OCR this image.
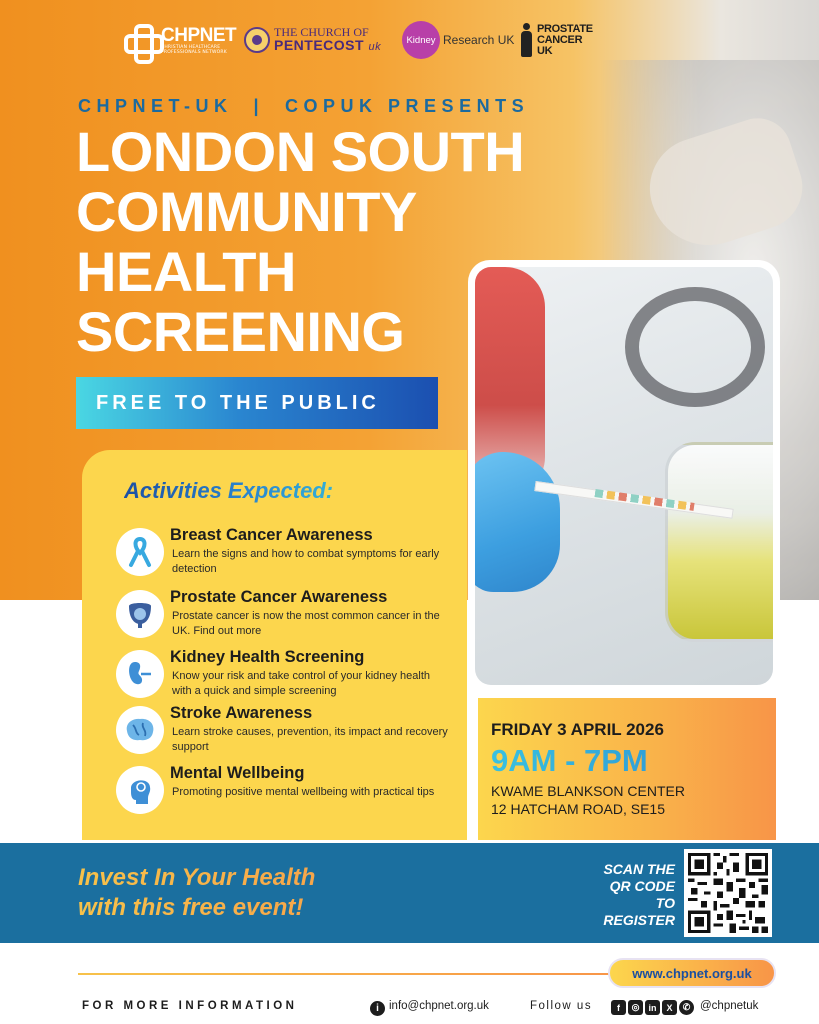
CHPNET
CHRISTIAN HEALTHCARE PROFESSIONALS NETWORK
THE CHURCH OF
PENTECOST uk
Kidney Research UK
PROSTATE
CANCER UK
CHPNET-UK  |  COPUK PRESENTS
LONDON SOUTH
COMMUNITY
HEALTH
SCREENING
FREE TO THE PUBLIC
Activities Expected:
Breast Cancer Awareness
Learn the signs and how to combat symptoms for early detection
Prostate Cancer Awareness
Prostate cancer is now the most common cancer in the UK. Find out more
Kidney Health Screening
Know your risk and take control of your kidney health with a quick and simple screening
Stroke Awareness
Learn stroke causes, prevention, its impact and recovery support
Mental Wellbeing
Promoting positive mental wellbeing with practical tips
FRIDAY 3 APRIL 2026
9AM - 7PM
KWAME BLANKSON CENTER
12 HATCHAM ROAD, SE15
Invest In Your Health
with this free event!
SCAN THE
QR CODE
TO
REGISTER
www.chpnet.org.uk
FOR MORE INFORMATION	i info@chpnet.org.uk	Follow us	f	◎	in	X	✆ @chpnetuk
